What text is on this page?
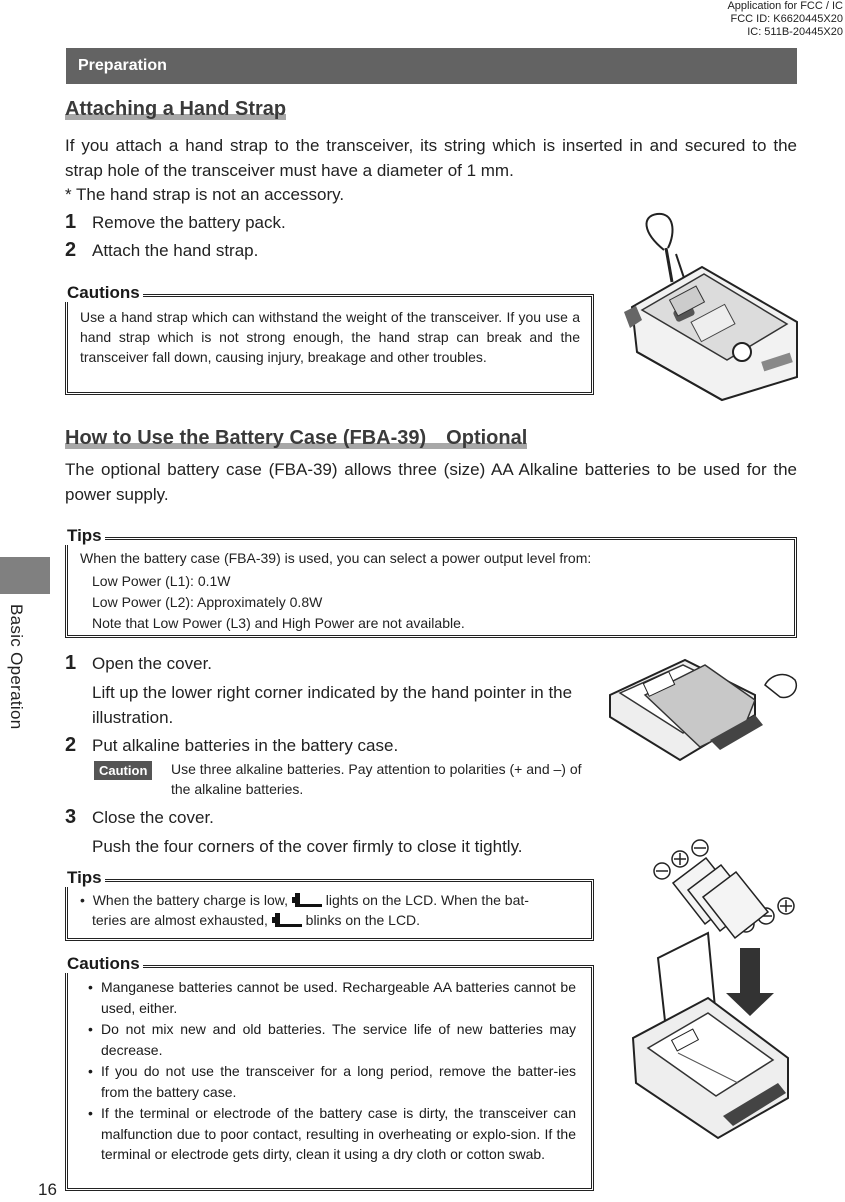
Application for FCC / IC
FCC ID: K6620445X20
IC: 511B-20445X20
Preparation
Basic Operation
16
Attaching a Hand Strap
If you attach a hand strap to the transceiver, its string which is inserted in and secured to the strap hole of the transceiver must have a diameter of 1 mm.
* The hand strap is not an accessory.
1 Remove the battery pack.
2 Attach the hand strap.
Use a hand strap which can withstand the weight of the transceiver. If you use a hand strap which is not strong enough, the hand strap can break and the transceiver fall down, causing injury, breakage and other troubles.
Cautions
How to Use the Battery Case (FBA-39)　Optional
The optional battery case (FBA-39) allows three (size) AA Alkaline batteries to be used for the power supply.
When the battery case (FBA-39) is used, you can select a power output level from:
Low Power (L1): 0.1W
Low Power (L2): Approximately 0.8W
Note that Low Power (L3) and High Power are not available.
Tips
1 Open the cover.
Lift up the lower right corner indicated by the hand pointer in the illustration.
2 Put alkaline batteries in the battery case.
Caution	Use three alkaline batteries. Pay attention to polarities (+ and –) of the alkaline batteries.
3 Close the cover.
Push the four corners of the cover firmly to close it tightly.
• When the battery charge is low,	lights on the LCD. When the bat-
teries are almost exhausted,	blinks on the LCD.
Tips
• Manganese batteries cannot be used. Rechargeable AA batteries cannot be used, either.
• Do not mix new and old batteries. The service life of new batteries may decrease.
• If you do not use the transceiver for a long period, remove the batter-ies from the battery case.
• If the terminal or electrode of the battery case is dirty, the transceiver can malfunction due to poor contact, resulting in overheating or explo-sion. If the terminal or electrode gets dirty, clean it using a dry cloth or cotton swab.
Cautions
